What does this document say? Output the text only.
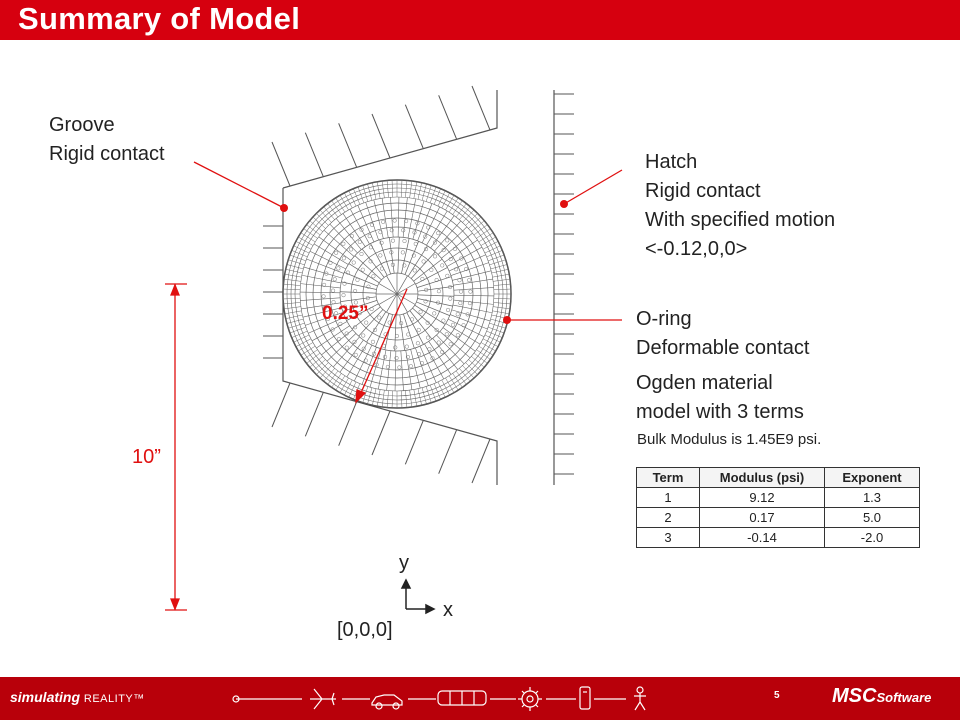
Summary of Model
Groove
Rigid contact	Hatch
Rigid contact
With specified motion
<-0.12,0,0>
O-ring
Deformable contact
Ogden material
model with 3 terms
Bulk Modulus is 1.45E9 psi.
10”
0.25”
y
x
[0,0,0]
Term	Modulus (psi)	Exponent
1	9.12	1.3
2	0.17	5.0
3	-0.14	-2.0
simulating REALITY™	5	MSCSoftware
